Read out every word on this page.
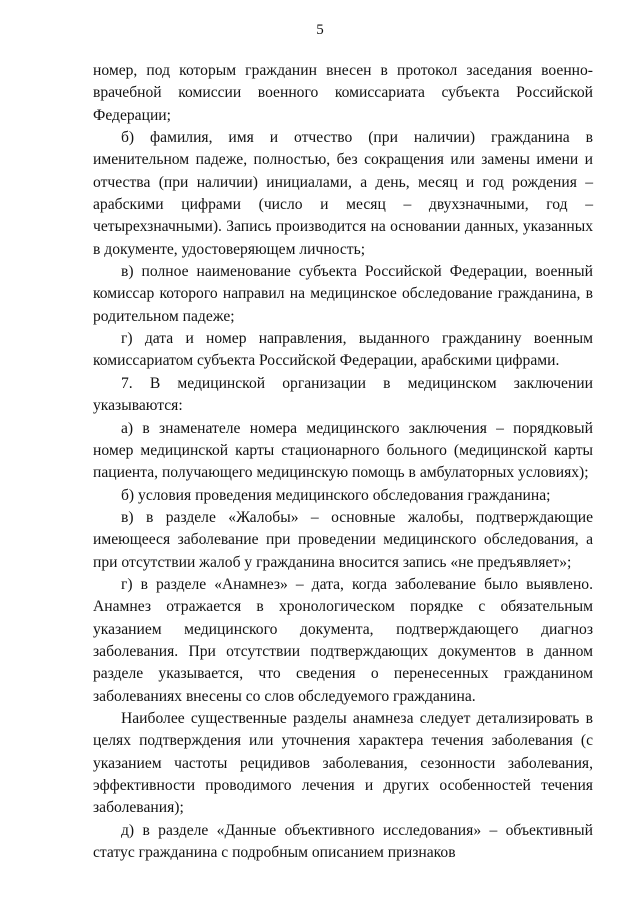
5

номер, под которым гражданин внесен в протокол заседания военно-врачебной комиссии военного комиссариата субъекта Российской Федерации;

б) фамилия, имя и отчество (при наличии) гражданина в именительном падеже, полностью, без сокращения или замены имени и отчества (при наличии) инициалами, а день, месяц и год рождения – арабскими цифрами (число и месяц – двухзначными, год – четырехзначными). Запись производится на основании данных, указанных в документе, удостоверяющем личность;

в) полное наименование субъекта Российской Федерации, военный комиссар которого направил на медицинское обследование гражданина, в родительном падеже;

г) дата и номер направления, выданного гражданину военным комиссариатом субъекта Российской Федерации, арабскими цифрами.

7. В медицинской организации в медицинском заключении указываются:

а) в знаменателе номера медицинского заключения – порядковый номер медицинской карты стационарного больного (медицинской карты пациента, получающего медицинскую помощь в амбулаторных условиях);

б) условия проведения медицинского обследования гражданина;

в) в разделе «Жалобы» – основные жалобы, подтверждающие имеющееся заболевание при проведении медицинского обследования, а при отсутствии жалоб у гражданина вносится запись «не предъявляет»;

г) в разделе «Анамнез» – дата, когда заболевание было выявлено. Анамнез отражается в хронологическом порядке с обязательным указанием медицинского документа, подтверждающего диагноз заболевания. При отсутствии подтверждающих документов в данном разделе указывается, что сведения о перенесенных гражданином заболеваниях внесены со слов обследуемого гражданина.

Наиболее существенные разделы анамнеза следует детализировать в целях подтверждения или уточнения характера течения заболевания (с указанием частоты рецидивов заболевания, сезонности заболевания, эффективности проводимого лечения и других особенностей течения заболевания);

д) в разделе «Данные объективного исследования» – объективный статус гражданина с подробным описанием признаков
